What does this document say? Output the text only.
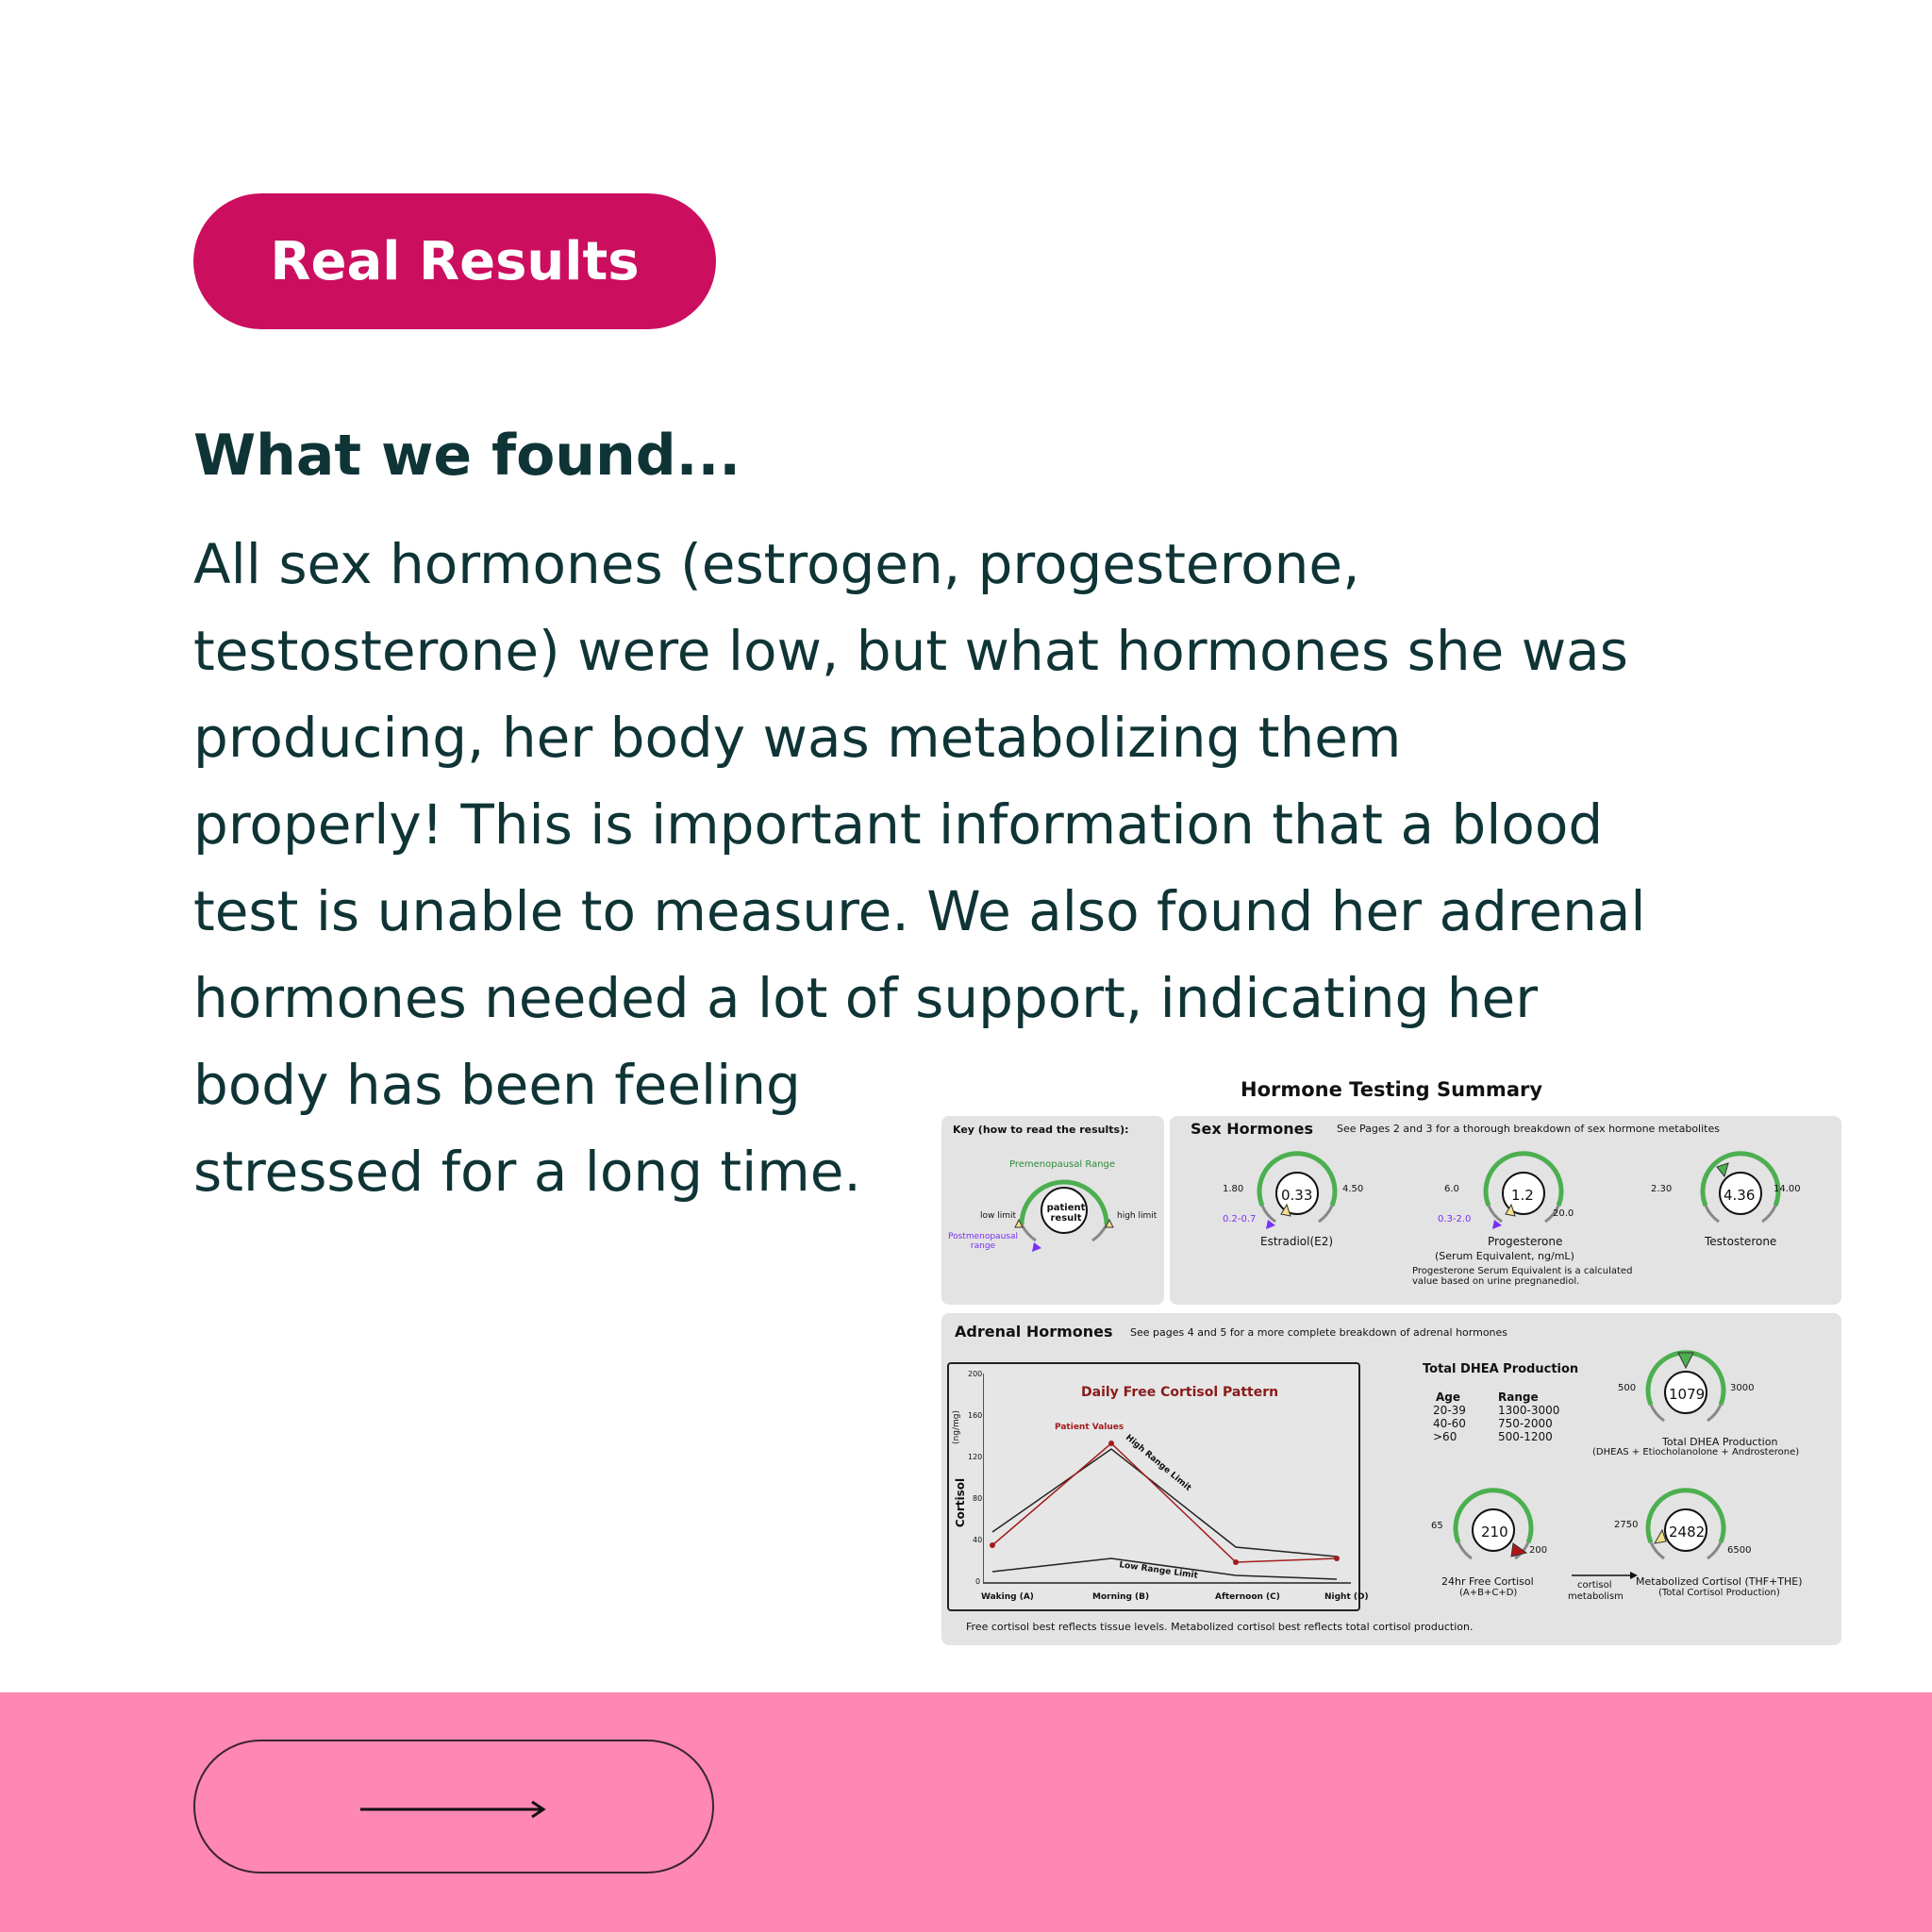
Real Results
What we found...
All sex hormones (estrogen, progesterone,
testosterone) were low, but what hormones she was
producing, her body was metabolizing them
properly! This is important information that a blood
test is unable to measure. We also found her adrenal
hormones needed a lot of support, indicating her
body has been feeling
stressed for a long time.
Hormone Testing Summary
Key (how to read the results):
Premenopausal Range
patient result
low limit	high limit
Postmenopausal range
Sex Hormones See Pages 2 and 3 for a thorough breakdown of sex hormone metabolites
0.33
1.80	4.50
0.2-0.7
Estradiol(E2)
1.2
6.0
20.0
0.3-2.0
Progesterone
(Serum Equivalent, ng/mL)
Progesterone Serum Equivalent is a calculated
value based on urine pregnanediol.
4.36
2.30	14.00
Testosterone
Adrenal Hormones See pages 4 and 5 for a more complete breakdown of adrenal hormones
Daily Free Cortisol Pattern
Cortisol
(ng/mg)
200
160
120
80
40
0
Patient Values
High Range Limit
Low Range Limit
Waking (A)	Morning (B)	Afternoon (C)	Night (D)
Total DHEA Production
Age	Range
20-39	1300-3000
40-60	750-2000
>60	500-1200
1079
500	3000
Total DHEA Production
(DHEAS + Etiocholanolone + Androsterone)
210
65
200
24hr Free Cortisol
(A+B+C+D)
cortisol
metabolism
2482
2750
6500
Metabolized Cortisol (THF+THE)
(Total Cortisol Production)
Free cortisol best reflects tissue levels. Metabolized cortisol best reflects total cortisol production.
